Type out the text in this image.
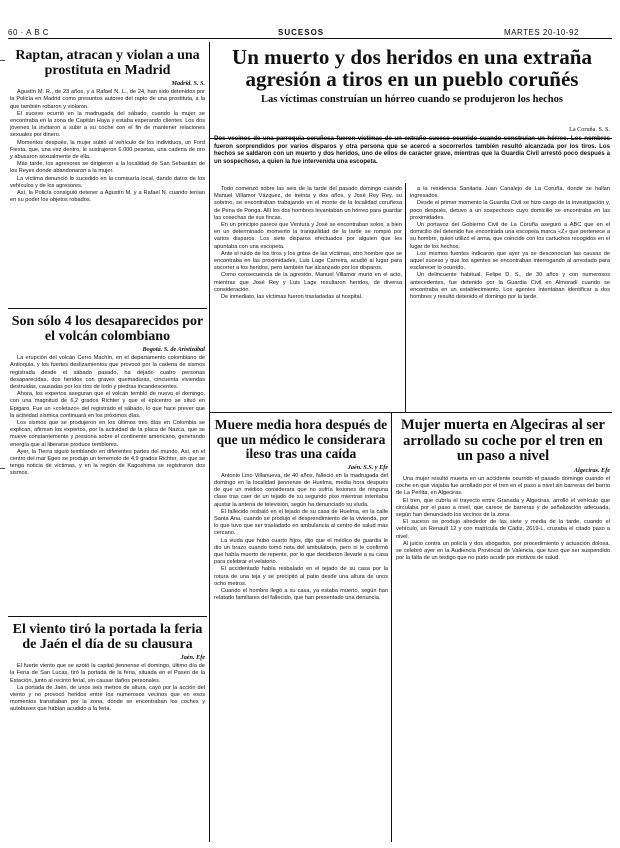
60 · A B C	SUCESOS	MARTES 20-10-92
Raptan, atracan y violan a una prostituta en Madrid
Madrid. S. S.

Agustín M. R., de 23 años, y a Rafael N. L., de 24, han sido detenidos por la Policía en Madrid como presuntos autores del rapto de una prostituta, a la que también robaron y violaron.

El suceso ocurrió en la madrugada del sábado, cuando la mujer se encontraba en la zona de Capitán Haya y estaba esperando clientes. Los dos jóvenes la invitaron a subir a su coche con el fin de mantener relaciones sexuales por dinero.

Momentos después, la mujer subió al vehículo de los individuos, un Ford Fiesta, que, una vez dentro, le sustrajeron 6.000 pesetas, una cadena de oro y abusaron sexualmente de ella.

Más tarde, los agresores se dirigieron a la localidad de San Sebastián de los Reyes donde abandonaron a la mujer.

La víctima denunció lo sucedido en la comisaría local, dando datos de los vehículos y de los agresores.

Así, la Policía consiguió detener a Agustín M. y a Rafael N. cuando tenían en su poder los objetos robados.

Son sólo 4 los desaparecidos por el volcán colombiano
Bogotá. S. de Aristizábal

La erupción del volcán Cerro Machín, en el departamento colombiano de Antioquia, y los fuertes deslizamientos que provocó por la cadena de sismos registrada desde el sábado pasado, ha dejado cuatro personas desaparecidas, dos heridos con graves quemaduras, cincuenta viviendas destruidas, causadas por los ríos de lodo y piedras incandescentes.

Ahora, los expertos aseguran que el volcán tembló de nuevo el domingo, con una magnitud de 6,2 grados Richter y que el epicentro se situó en Epigaro. Fue un «coletazo» del registrado el sábado, lo que hace prever que la actividad sísmica continuará en los próximos días.

Los sismos que se produjeron en los últimos tres días en Colombia se explican, afirman los expertos, por la actividad de la placa de Nazca, que se mueve constantemente y presiona sobre el continente americano, generando energía que al liberarse produce temblores.

Ayer, la Tierra siguió temblando en diferentes partes del mundo. Así, en el centro del mar Egeo se produjo un terremoto de 4,9 grados Richter, sin que se tenga noticia de víctimas, y en la región de Kagoshima se registraron dos sismos.

El viento tiró la portada la feria de Jaén el día de su clausura
Jaén. Efe

El fuerte viento que se azotó la capital jiennense el domingo, último día de la Feria de San Lucas, tiró la portada de la feria, situada en el Paseo de la Estación, junto al recinto ferial, sin causar daños personales.

La portada de Jaén, de unos seis metros de altura, cayó por la acción del viento y no provocó heridos entre los numerosos vecinos que en esos momentos transitaban por la zona, donde se encontraban los coches y autobuses que habían acudido a la feria.

Un muerto y dos heridos en una extraña agresión a tiros en un pueblo coruñés
Las víctimas construían un hórreo cuando se produjeron los hechos
La Coruña. S. S.
Dos vecinos de una parroquia coruñesa fueron víctimas de un extraño suceso ocurrido cuando construían un hórreo. Los nombres fueron sorprendidos por varios disparos y otra persona que se acercó a socorrerlos también resultó alcanzada por los tiros. Los hechos se saldaron con un muerto y dos heridos, uno de ellos de carácter grave, mientras que la Guardia Civil arrestó poco después a un sospechoso, a quien la fue intervenida una escopeta.

Todo comenzó sobre las seis de la tarde del pasado domingo cuando Manuel Villamor Vázquez, de treinta y dos años, y José Rey Rey, su sobrino, se encontraban trabajando en el monte de la localidad coruñesa de Pena de Ponga. Allí los dos hombres levantaban un hórreo para guardar las cosechas de sus fincas.

En un principio parece que Ventura y José se encontraban solos, a bien en un determinado momento la tranquilidad de la tarde se rompió por varios disparos. Los siete disparos efectuados por alguien que les apuntaba con una escopeta.

Ante el ruido de los tiros y los gritos de las víctimas, otro hombre que se encontraba en las proximidades, Luis Lage Carreira, acudió al lugar para socorrer a los heridos, pero también fue alcanzado por los disparos.

Como consecuencia de la agresión, Manuel Villamor murió en el acto, mientras que José Rey y Luis Lage resultaron heridos, de diversa consideración.

De inmediato, las víctimas fueron trasladadas al hospital.

a la residencia Sanitaria Juan Canalejo de La Coruña, donde se hallan ingresados.

Desde el primer momento la Guardia Civil se hizo cargo de la investigación y, poco después, detuvo a un sospechoso cuyo domicilio se encontraba en las proximidades.

Un portavoz del Gobierno Civil de La Coruña aseguró a ABC que en el domicilio del detenido fue encontrada una escopeta marca «Z» que pertenece a su hombre, quien utilizó el arma, que coincide con los cartuchos recogidos en el lugar de los hechos.

Los mismos fuentes indicaron que ayer ya se desconocían las causas de aquel suceso y que los agentes se encontraban interrogando al arrestado para esclarecer lo ocurrido.

Un delincuente habitual. Felipe D. S., de 30 años y con numerosos antecedentes, fue detenido por la Guardia Civil en Almoradí cuando se encontraba en un establecimiento. Los agentes intentaban identificar a dos hombres y resultó detenido el domingo por la tarde.

Muere media hora después de que un médico le considerara ileso tras una caída
Jaén. S.S. y Efe

Antonio Lino Villanueva, de 40 años, falleció en la madrugada del domingo en la localidad jiennense de Huelma, media hora después de que un médico considerara que no sufría lesiones de ninguna clase tras caer de un tejado de su segundo piso mientras intentaba ajustar la antena de televisión, según ha denunciado su viuda.

El fallecido resbaló en el tejado de su casa de Huelma, en la calle Santa Ana, cuando se produjo el desprendimiento de la vivienda, por lo que tuvo que ser trasladado en ambulancia al centro de salud más cercano.

La viuda que hubo cuarto hijos, dijo que el médico de guardia le dio un brazo cuando tomó nota del ambulatorio, pero sí le confirmó que había muerto de repente, por lo que decidieron llevarle a su casa para celebrar el velatorio.

El accidentado había resbalado en el tejado de su casa por la rotura de una teja y se precipitó al patio desde una altura de unos ocho metros.

Cuando el hombre llegó a su casa, ya estaba muerto, según han relatado familiares del fallecido, que han presentado una denuncia.

Mujer muerta en Algeciras al ser arrollado su coche por el tren en un paso a nivel
Algeciras. Efe

Una mujer resultó muerta en un accidente ocurrido el pasado domingo cuando el coche en que viajaba fue arrollado por el tren en el paso a nivel sin barreras del barrio de La Perlita, en Algeciras.

El tren, que cubría el trayecto entre Granada y Algeciras, arrolló el vehículo que circulaba por el paso a nivel, que carece de barreras y de señalización adecuada, según han denunciado los vecinos de la zona.

El suceso se produjo alrededor de las siete y media de la tarde, cuando el vehículo, un Renault 12 y con matrícula de Cádiz, 2619-L, cruzaba el citado paso a nivel.

Al juicio contra un policía y dos abogados, por procedimiento y actuación dolosa, se celebró ayer en la Audiencia Provincial de Valencia, que tuvo que ser suspendido por la falta de un testigo que no pudo acudir por motivos de salud.
